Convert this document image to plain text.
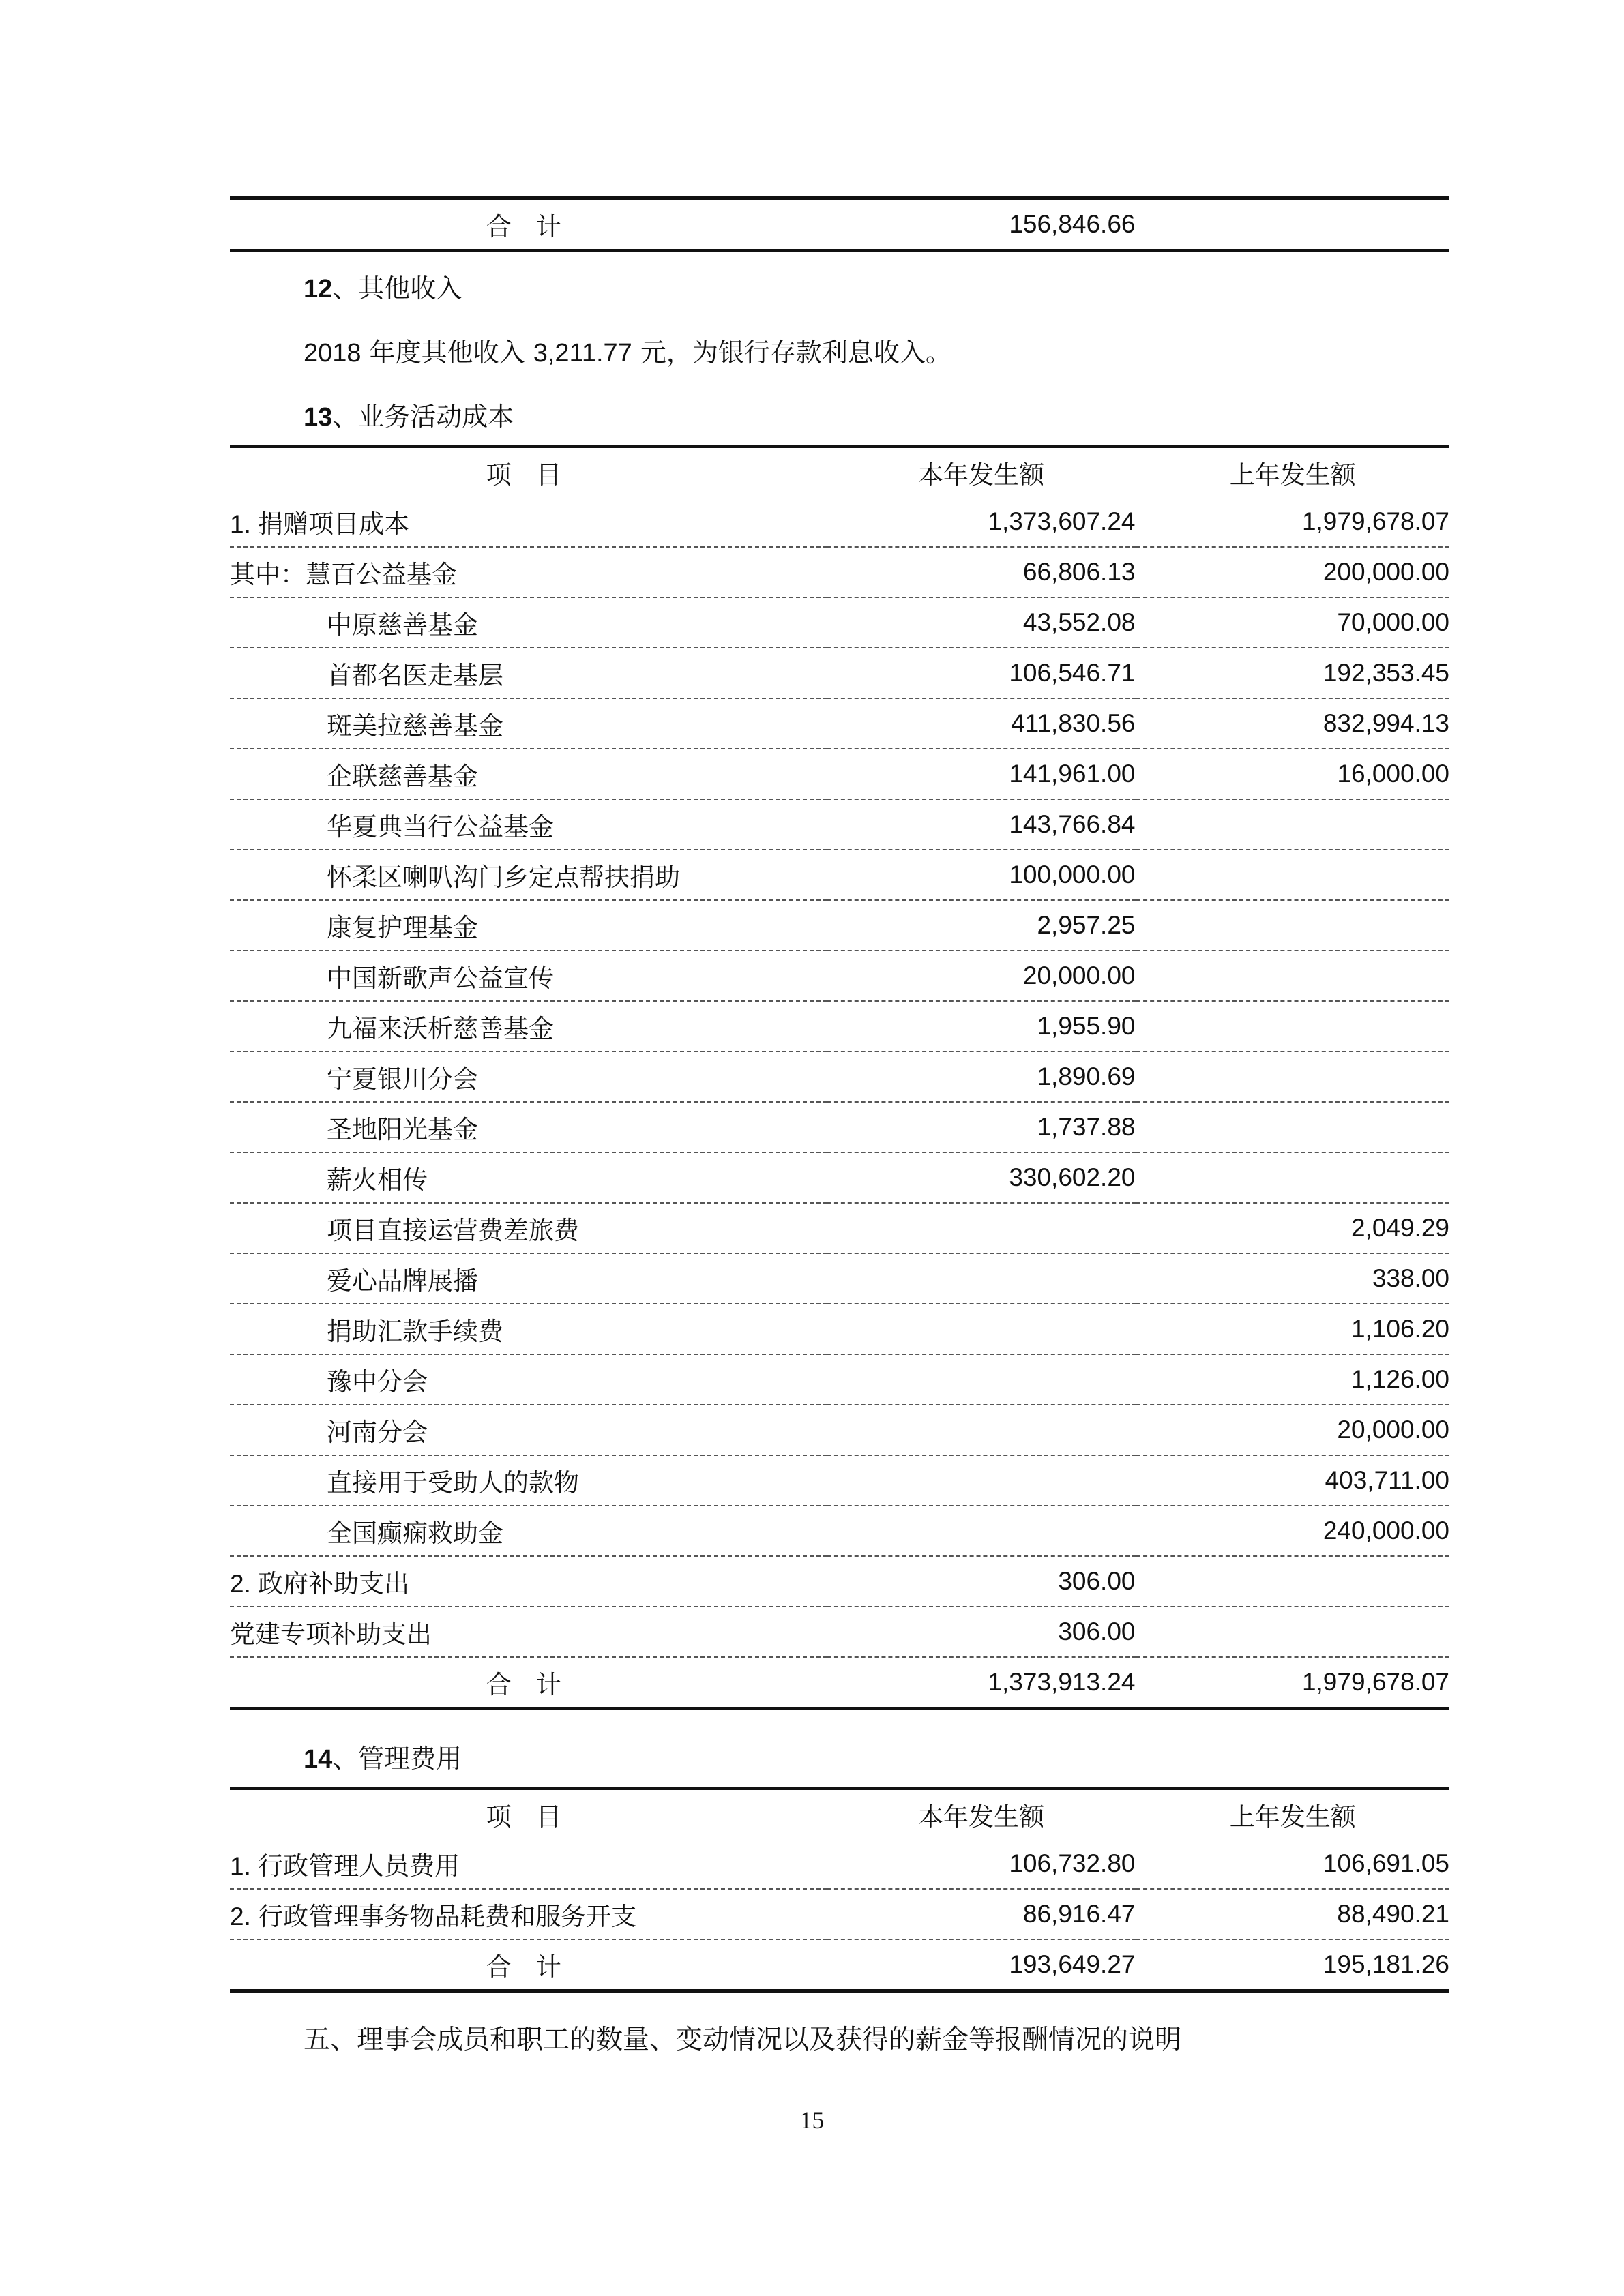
合 计	156,846.66	
12、其他收入
2018 年度其他收入 3,211.77 元，为银行存款利息收入。
13、业务活动成本
项 目	本年发生额	上年发生额
1. 捐赠项目成本	1,373,607.24	1,979,678.07
其中：慧百公益基金	66,806.13	200,000.00
中原慈善基金	43,552.08	70,000.00
首都名医走基层	106,546.71	192,353.45
斑美拉慈善基金	411,830.56	832,994.13
企联慈善基金	141,961.00	16,000.00
华夏典当行公益基金	143,766.84	
怀柔区喇叭沟门乡定点帮扶捐助	100,000.00	
康复护理基金	2,957.25	
中国新歌声公益宣传	20,000.00	
九福来沃析慈善基金	1,955.90	
宁夏银川分会	1,890.69	
圣地阳光基金	1,737.88	
薪火相传	330,602.20	
项目直接运营费差旅费		2,049.29
爱心品牌展播		338.00
捐助汇款手续费		1,106.20
豫中分会		1,126.00
河南分会		20,000.00
直接用于受助人的款物		403,711.00
全国癫痫救助金		240,000.00
2. 政府补助支出	306.00	
党建专项补助支出	306.00	
合 计	1,373,913.24	1,979,678.07
14、管理费用
项 目	本年发生额	上年发生额
1. 行政管理人员费用	106,732.80	106,691.05
2. 行政管理事务物品耗费和服务开支	86,916.47	88,490.21
合 计	193,649.27	195,181.26
五、理事会成员和职工的数量、变动情况以及获得的薪金等报酬情况的说明
15
